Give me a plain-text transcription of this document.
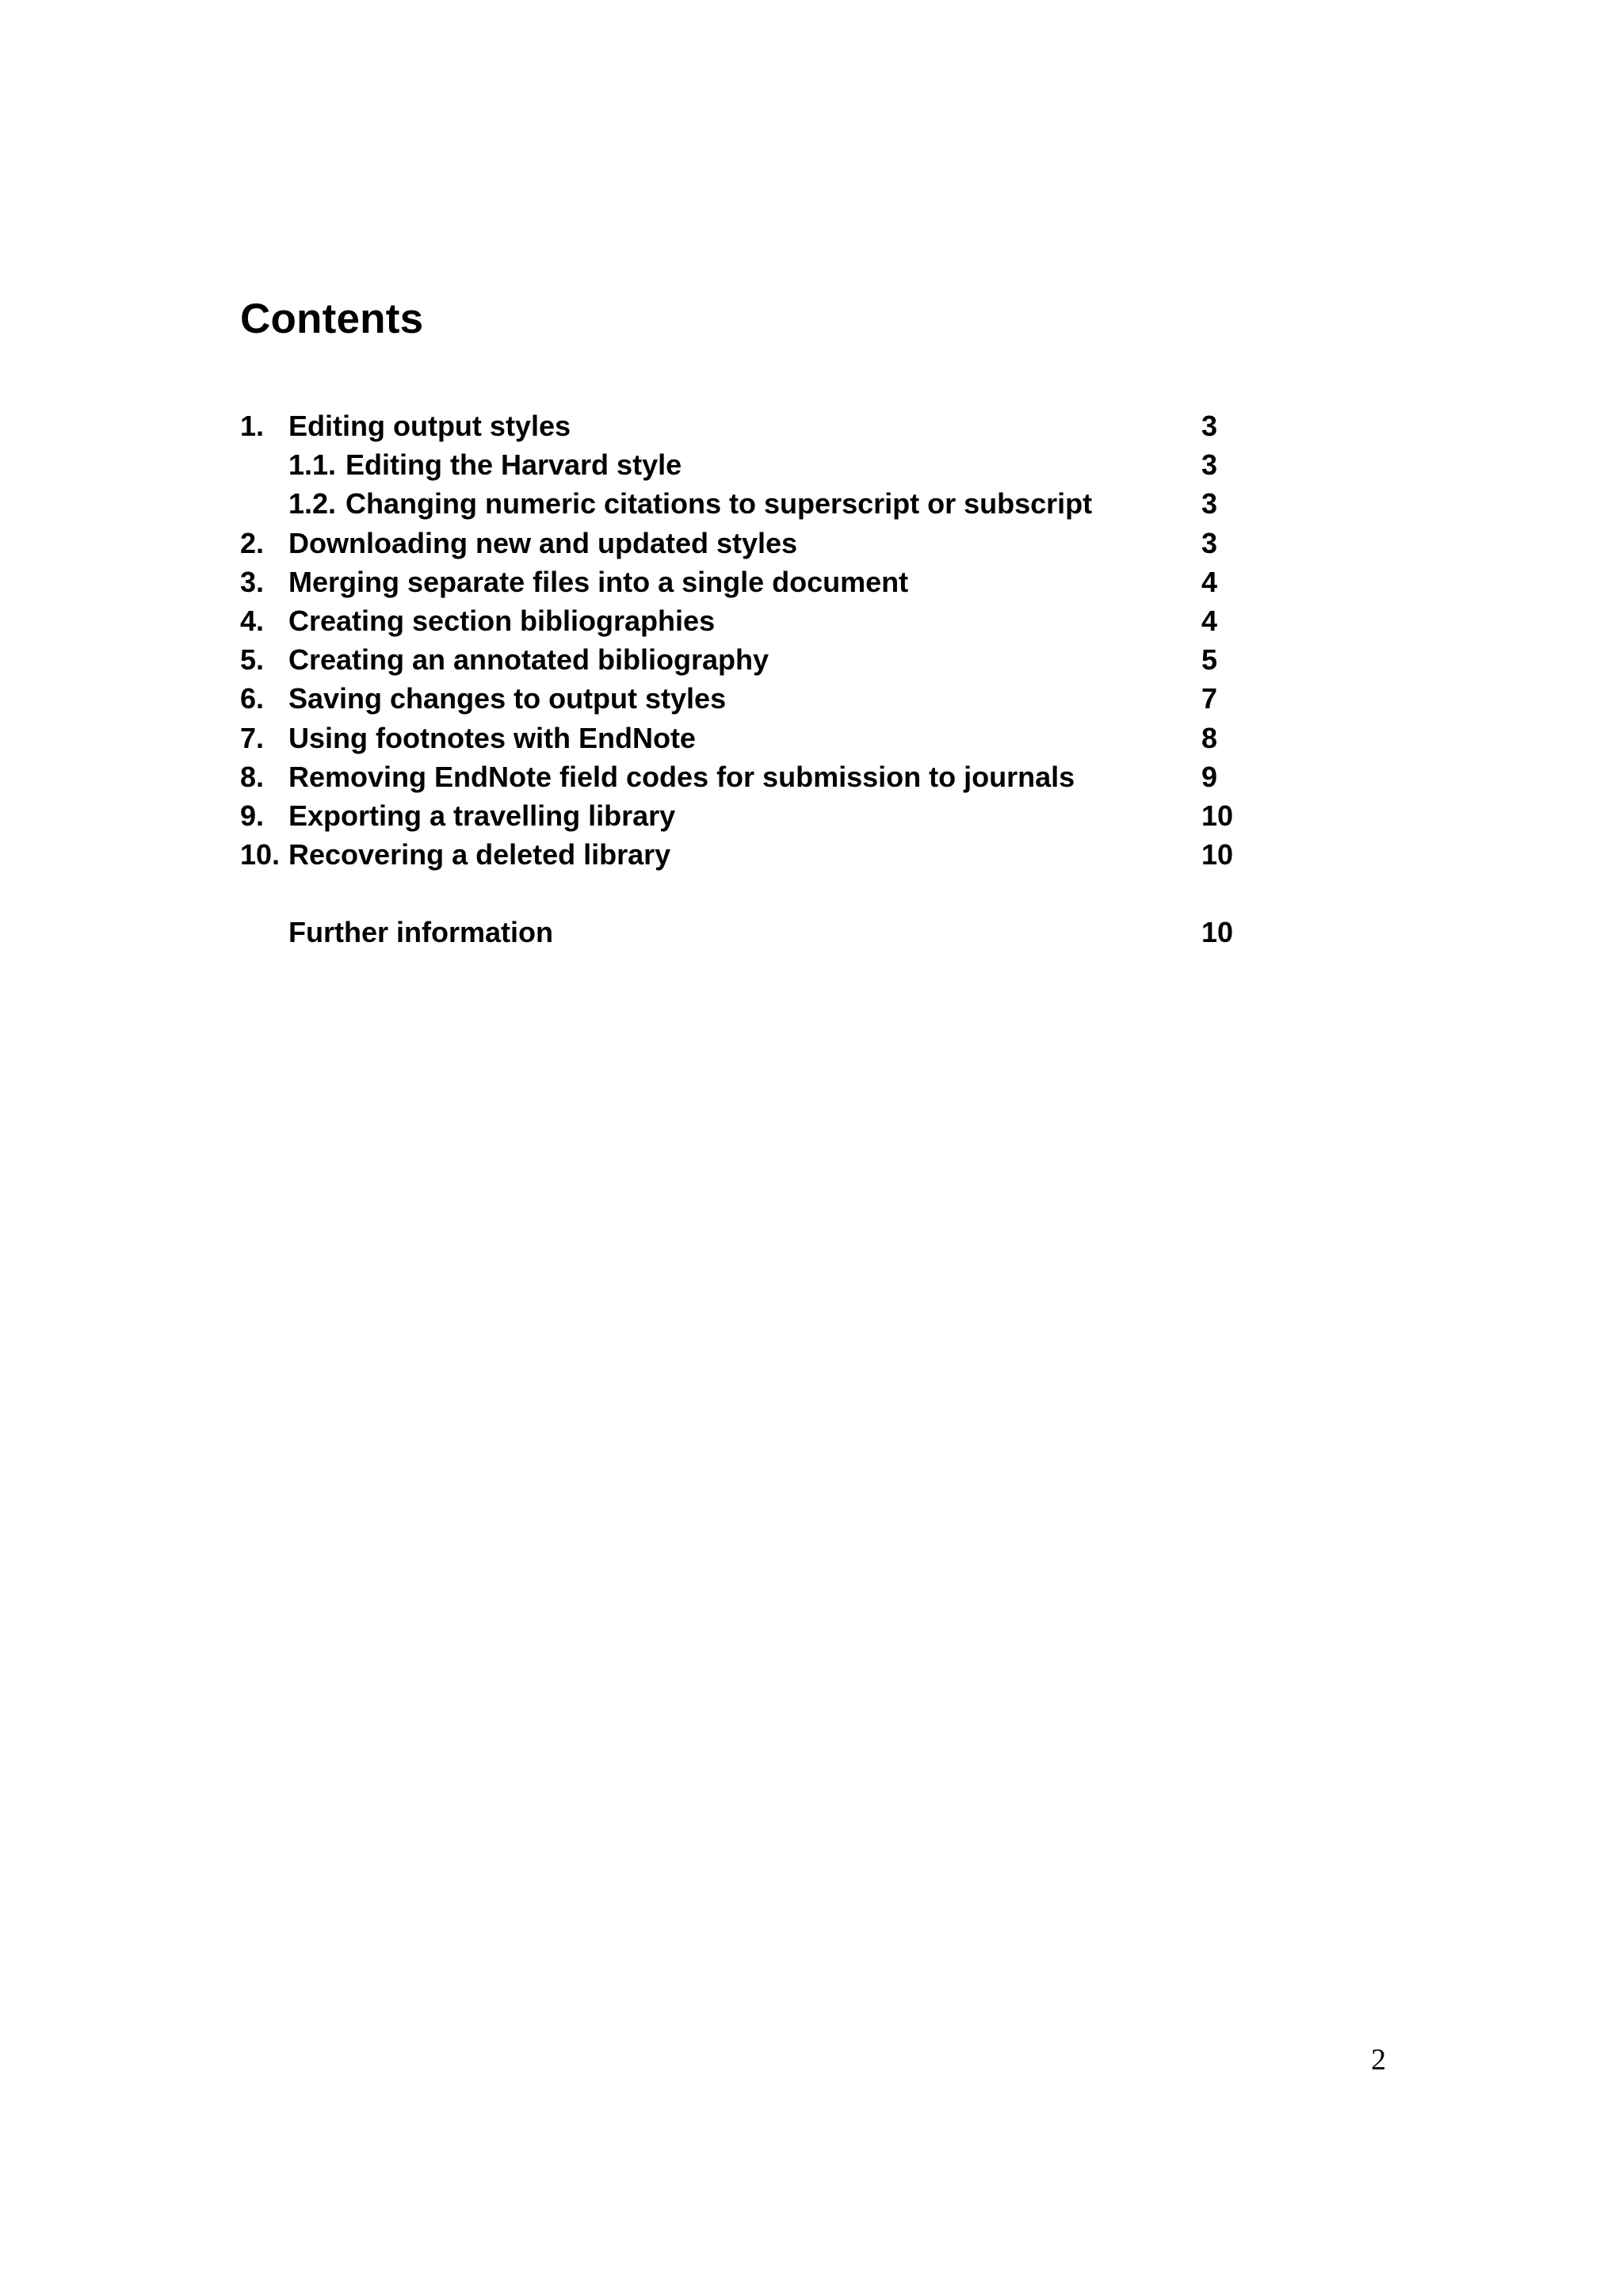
Contents
1. Editing output styles	3
1.1. Editing the Harvard style	3
1.2. Changing numeric citations to superscript or subscript	3
2. Downloading new and updated styles	3
3. Merging separate files into a single document	4
4. Creating section bibliographies	4
5. Creating an annotated bibliography	5
6. Saving changes to output styles	7
7. Using footnotes with EndNote	8
8. Removing EndNote field codes for submission to journals	9
9. Exporting a travelling library	10
10. Recovering a deleted library	10
Further information	10
2
